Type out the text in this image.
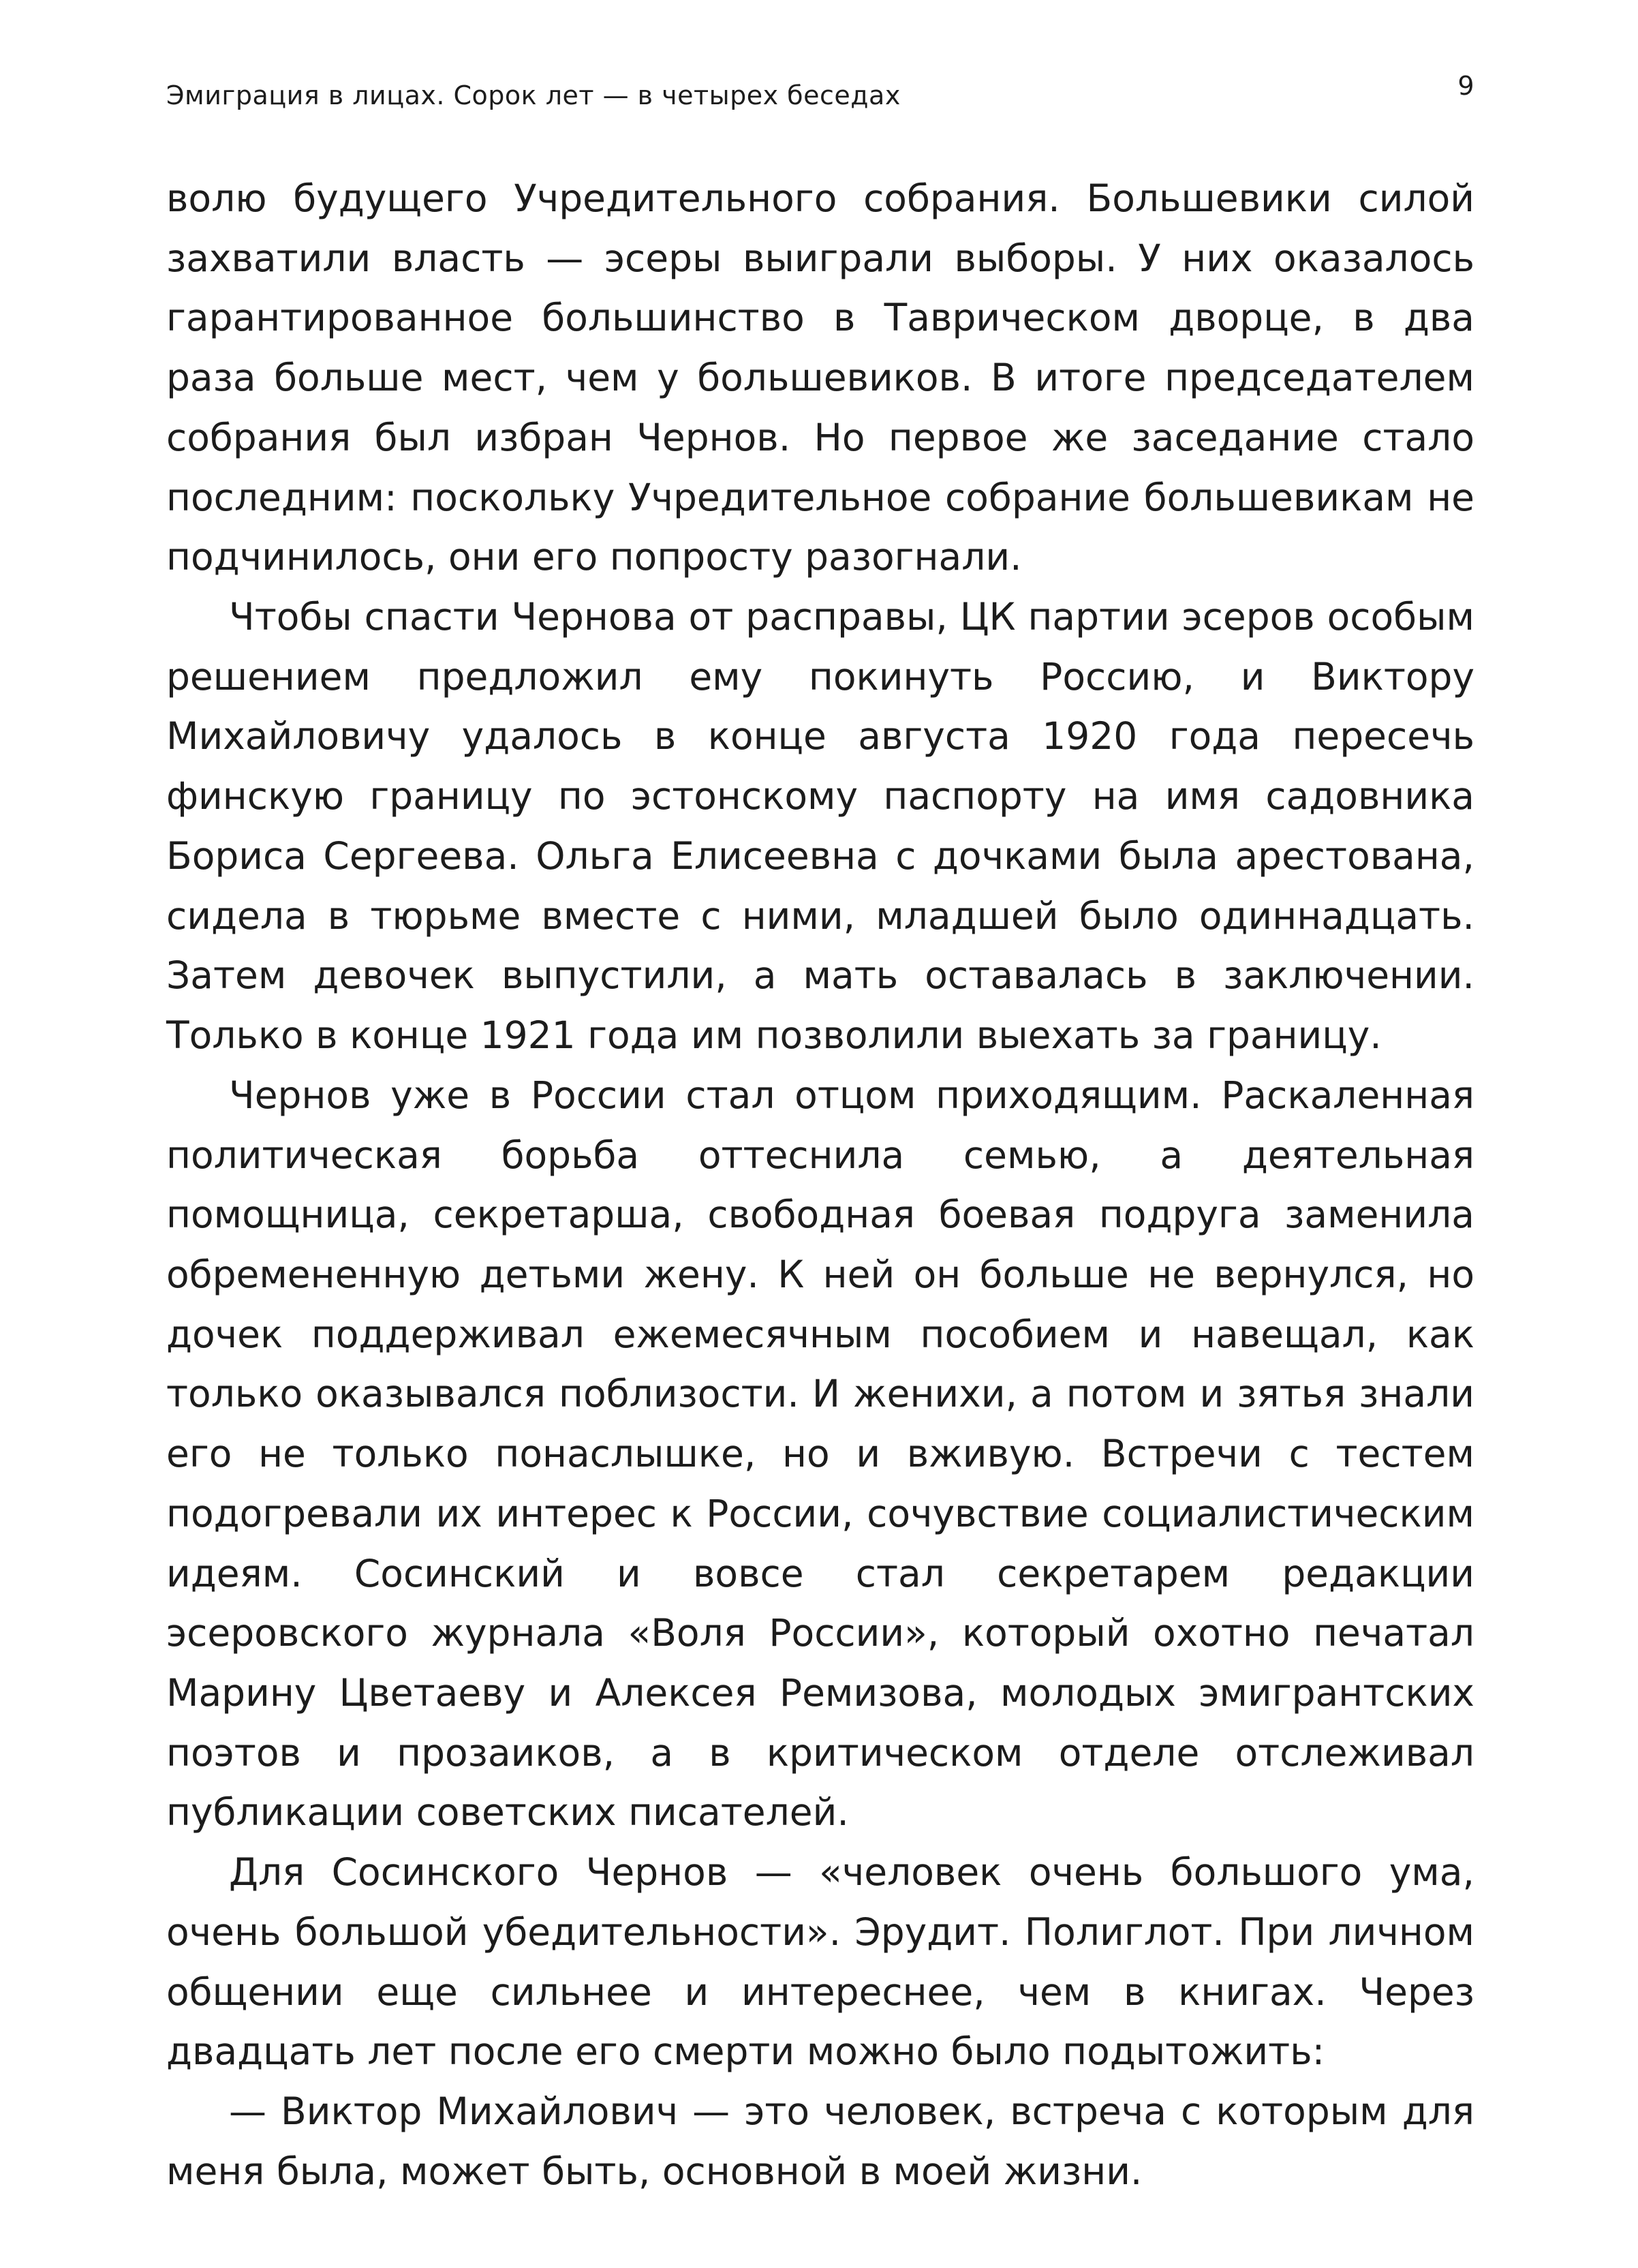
Эмиграция в лицах. Сорок лет — в четырех беседах	9

волю будущего Учредительного собрания. Большевики силой захватили власть — эсеры выиграли выборы. У них оказалось гарантированное большинство в Таврическом дворце, в два раза больше мест, чем у большевиков. В итоге председателем собрания был избран Чернов. Но первое же заседание стало последним: поскольку Учредительное собрание большевикам не подчинилось, они его попросту разогнали.

Чтобы спасти Чернова от расправы, ЦК партии эсеров особым решением предложил ему покинуть Россию, и Виктору Михайловичу удалось в конце августа 1920 года пересечь финскую границу по эстонскому паспорту на имя садовника Бориса Сергеева. Ольга Елисеевна с дочками была арестована, сидела в тюрьме вместе с ними, младшей было одиннадцать. Затем девочек выпустили, а мать оставалась в заключении. Только в конце 1921 года им позволили выехать за границу.

Чернов уже в России стал отцом приходящим. Раскаленная политическая борьба оттеснила семью, а деятельная помощница, секретарша, свободная боевая подруга заменила обремененную детьми жену. К ней он больше не вернулся, но дочек поддерживал ежемесячным пособием и навещал, как только оказывался поблизости. И женихи, а потом и зятья знали его не только понаслышке, но и вживую. Встречи с тестем подогревали их интерес к России, сочувствие социалистическим идеям. Сосинский и вовсе стал секретарем редакции эсеровского журнала «Воля России», который охотно печатал Марину Цветаеву и Алексея Ремизова, молодых эмигрантских поэтов и прозаиков, а в критическом отделе отслеживал публикации советских писателей.

Для Сосинского Чернов — «человек очень большого ума, очень большой убедительности». Эрудит. Полиглот. При личном общении еще сильнее и интереснее, чем в книгах. Через двадцать лет после его смерти можно было подытожить:

— Виктор Михайлович — это человек, встреча с которым для меня была, может быть, основной в моей жизни.
